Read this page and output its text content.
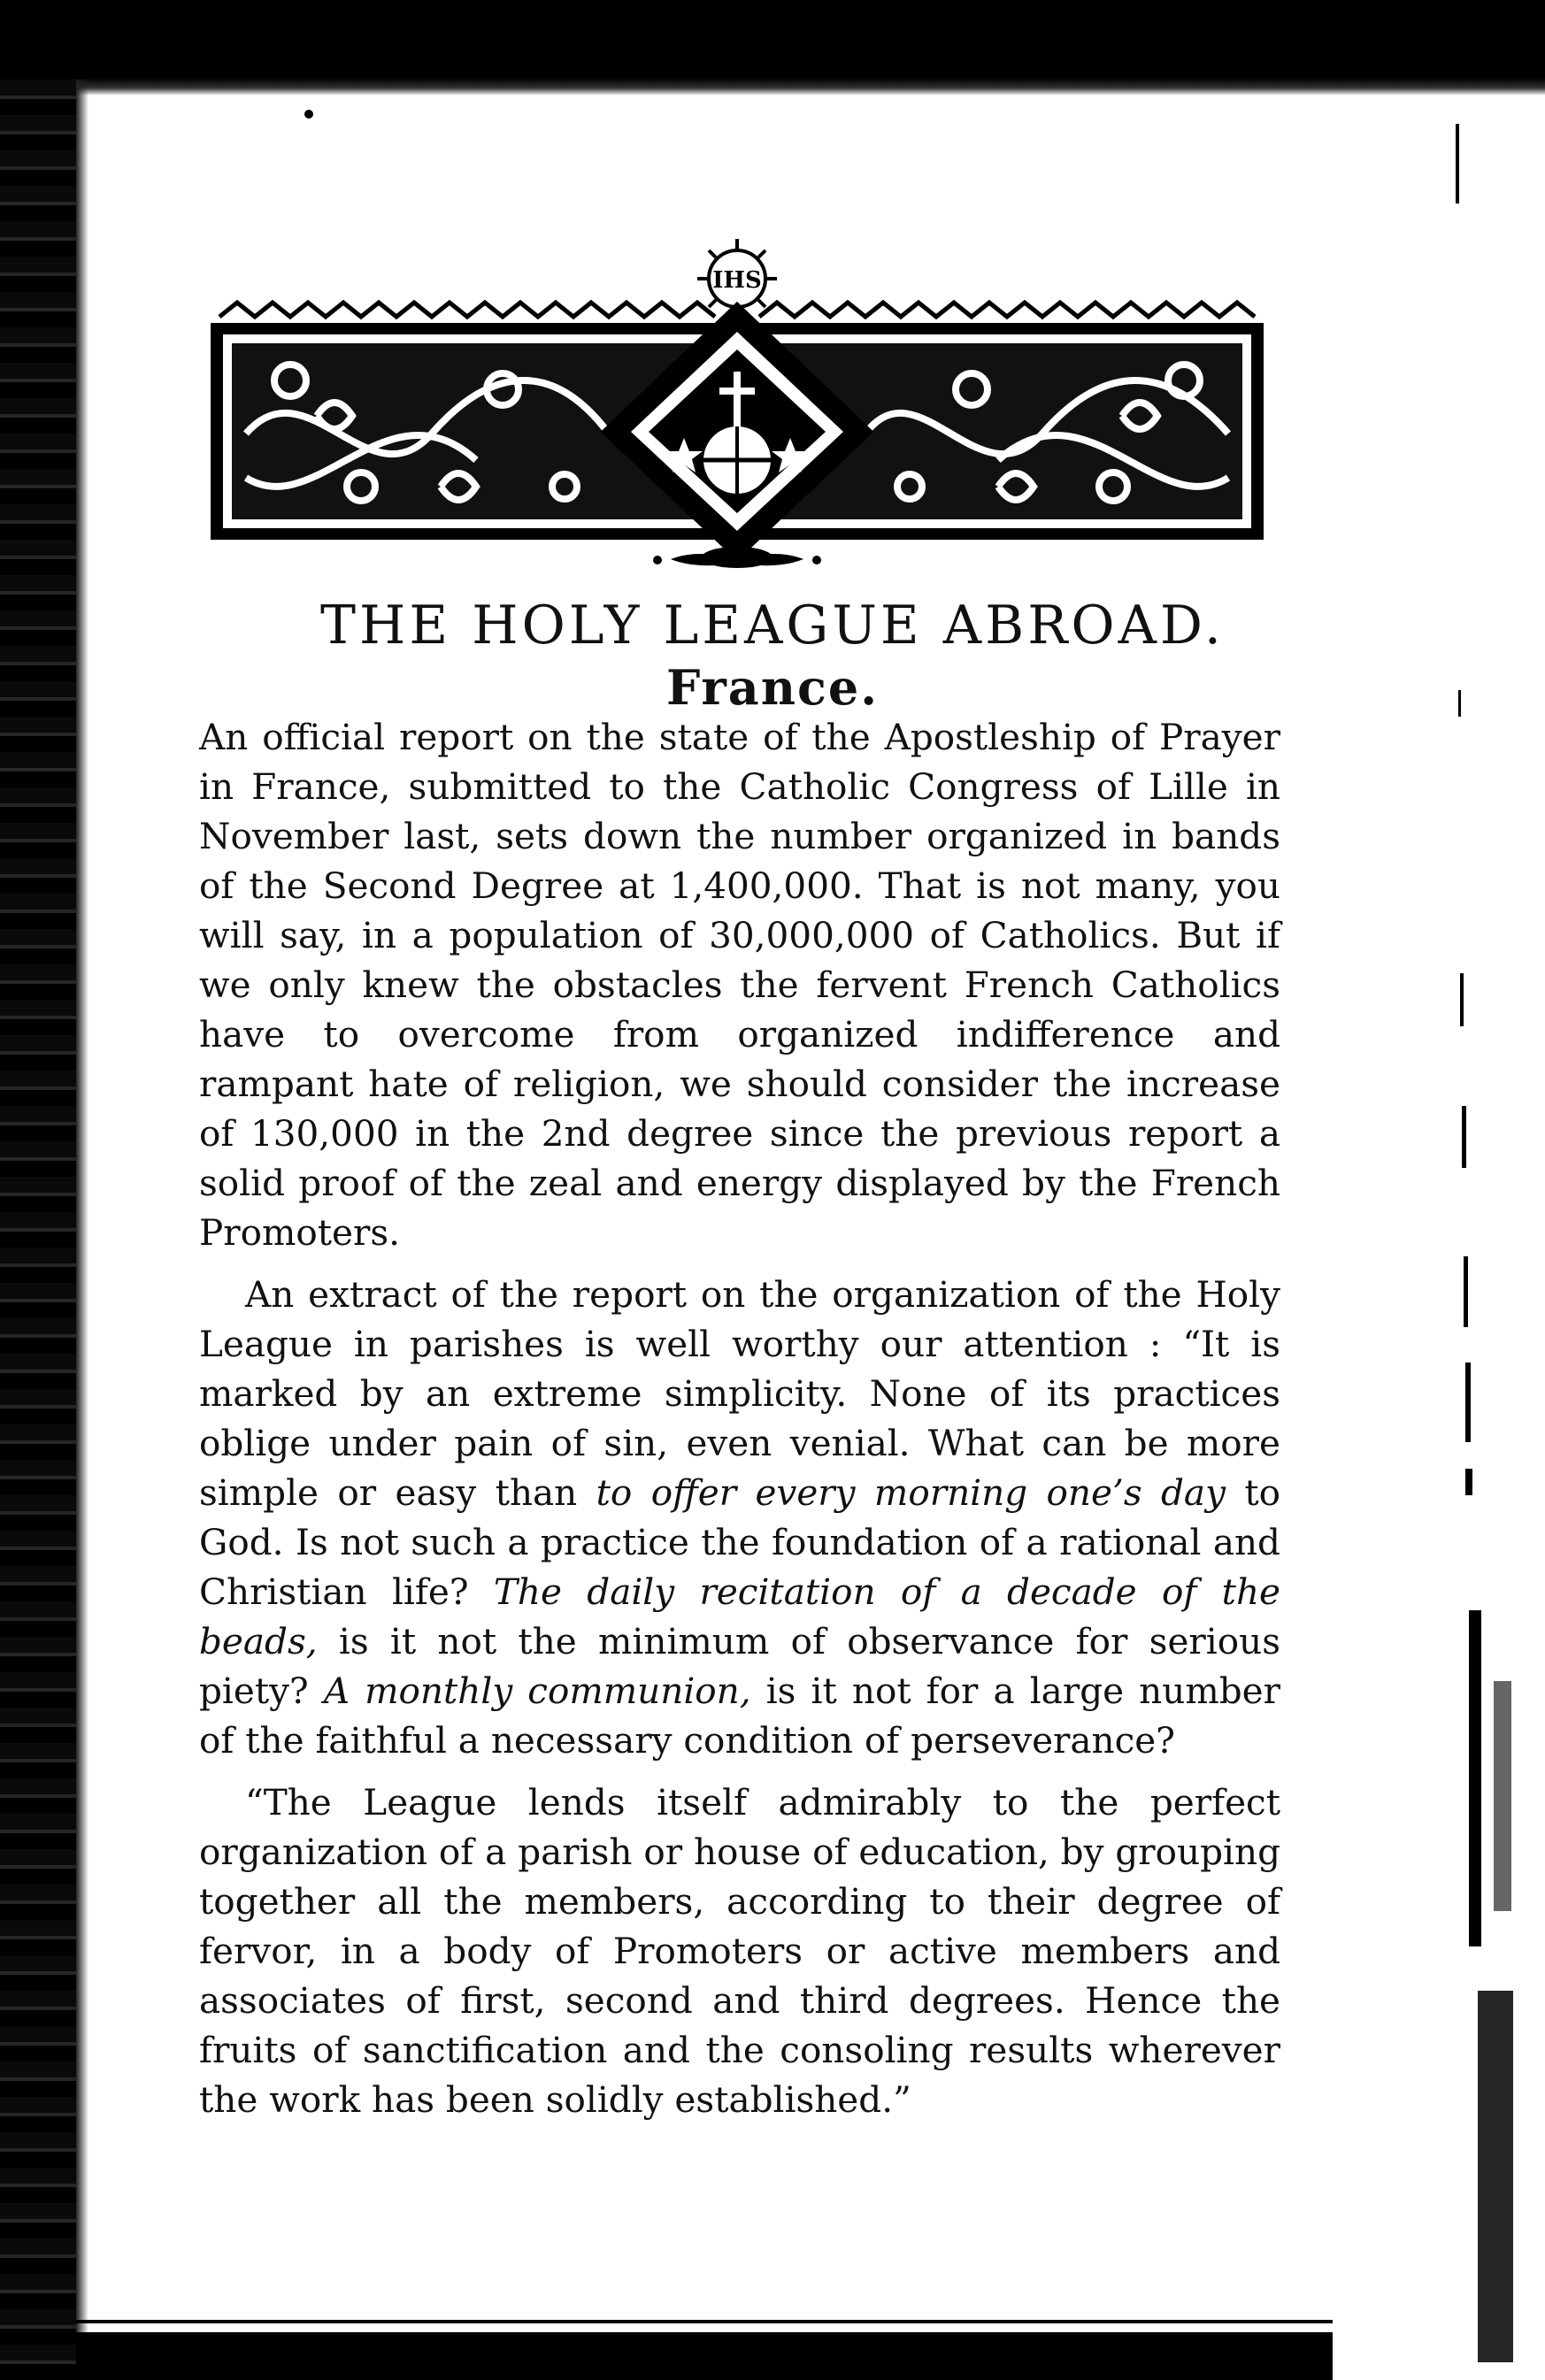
IHS
THE HOLY LEAGUE ABROAD.
France.

An official report on the state of the Apostleship of Prayer in France, submitted to the Catholic Congress of Lille in November last, sets down the number organized in bands of the Second Degree at 1,400,000. That is not many, you will say, in a population of 30,000,000 of Catholics. But if we only knew the obstacles the fervent French Catholics have to overcome from organized indifference and rampant hate of religion, we should consider the increase of 130,000 in the 2nd degree since the previous report a solid proof of the zeal and energy displayed by the French Promoters.

An extract of the report on the organization of the Holy League in parishes is well worthy our attention : “It is marked by an extreme simplicity. None of its practices oblige under pain of sin, even venial. What can be more simple or easy than to offer every morning one’s day to God. Is not such a practice the foundation of a rational and Christian life? The daily recitation of a decade of the beads, is it not the minimum of observance for serious piety? A monthly communion, is it not for a large number of the faithful a necessary condition of perseverance?

“The League lends itself admirably to the perfect organization of a parish or house of education, by grouping together all the members, according to their degree of fervor, in a body of Promoters or active members and associates of first, second and third degrees. Hence the fruits of sanctification and the consoling results wherever the work has been solidly established.”
